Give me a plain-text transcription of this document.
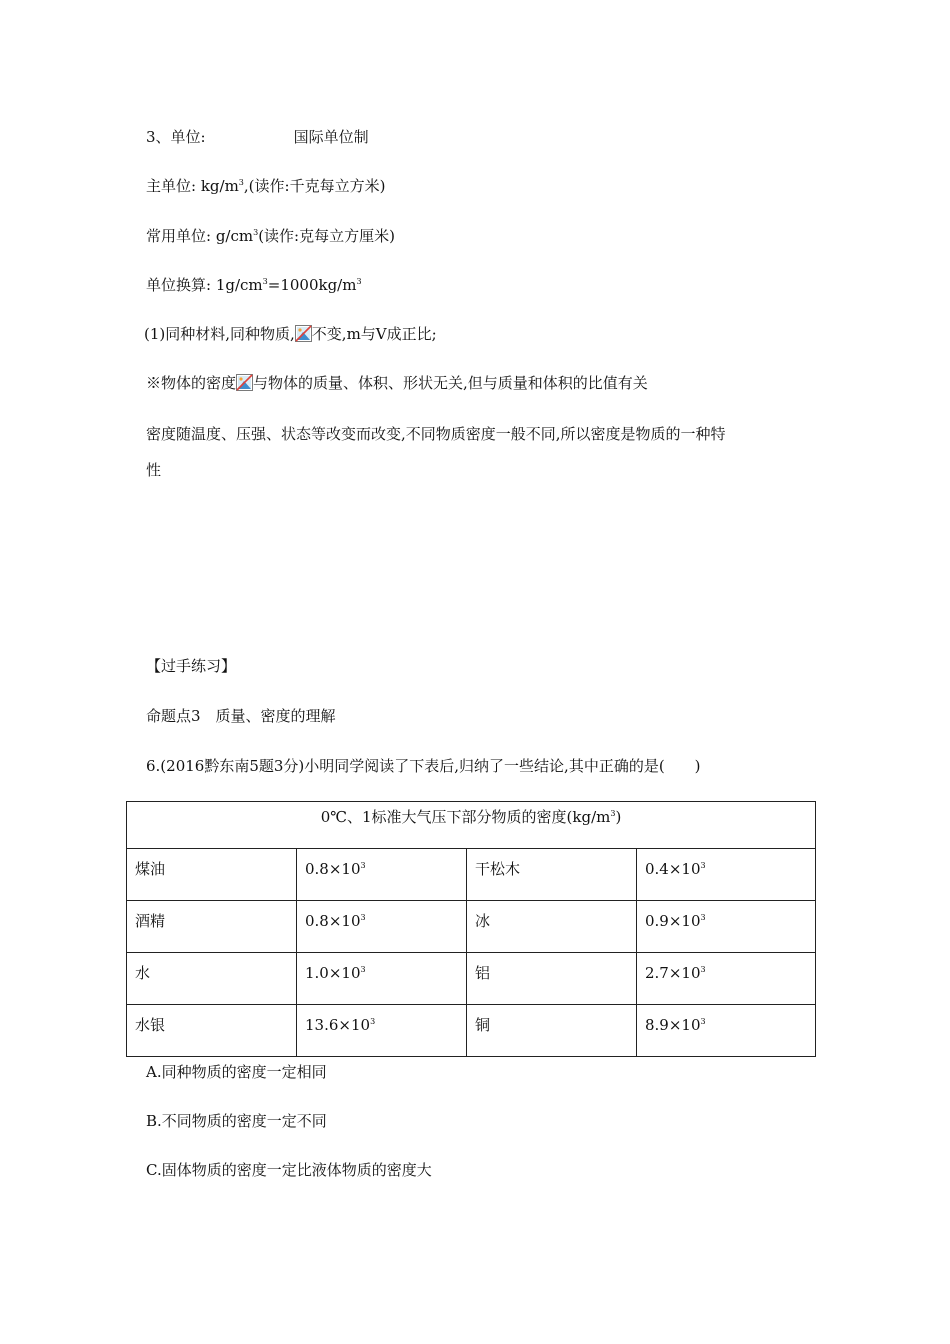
3、单位:	国际单位制
主单位: $kg/m^3$,(读作:千克每立方米)
常用单位: $g/cm^3$(读作:克每立方厘米)
单位换算: $1g/cm^3=1000kg/m^3$
(1)同种材料,同种物质, 不变,m与V成正比;
※物体的密度 与物体的质量、体积、形状无关,但与质量和体积的比值有关
密度随温度、压强、状态等改变而改变,不同物质密度一般不同,所以密度是物质的一种特
性
【过手练习】
命题点3　质量、密度的理解
6.(2016黔东南5题3分)小明同学阅读了下表后,归纳了一些结论,其中正确的是(　　)
0℃、1标准大气压下部分物质的密度$(kg/m^3)$			
煤油	$0.8\times 10^3$	干松木	$0.4\times 10^3$
酒精	$0.8\times 10^3$	冰	$0.9\times 10^3$
水	$1.0\times 10^3$	铝	$2.7\times 10^3$
水银	$13.6\times 10^3$	铜	$8.9\times 10^3$
A.同种物质的密度一定相同
B.不同物质的密度一定不同
C.固体物质的密度一定比液体物质的密度大
